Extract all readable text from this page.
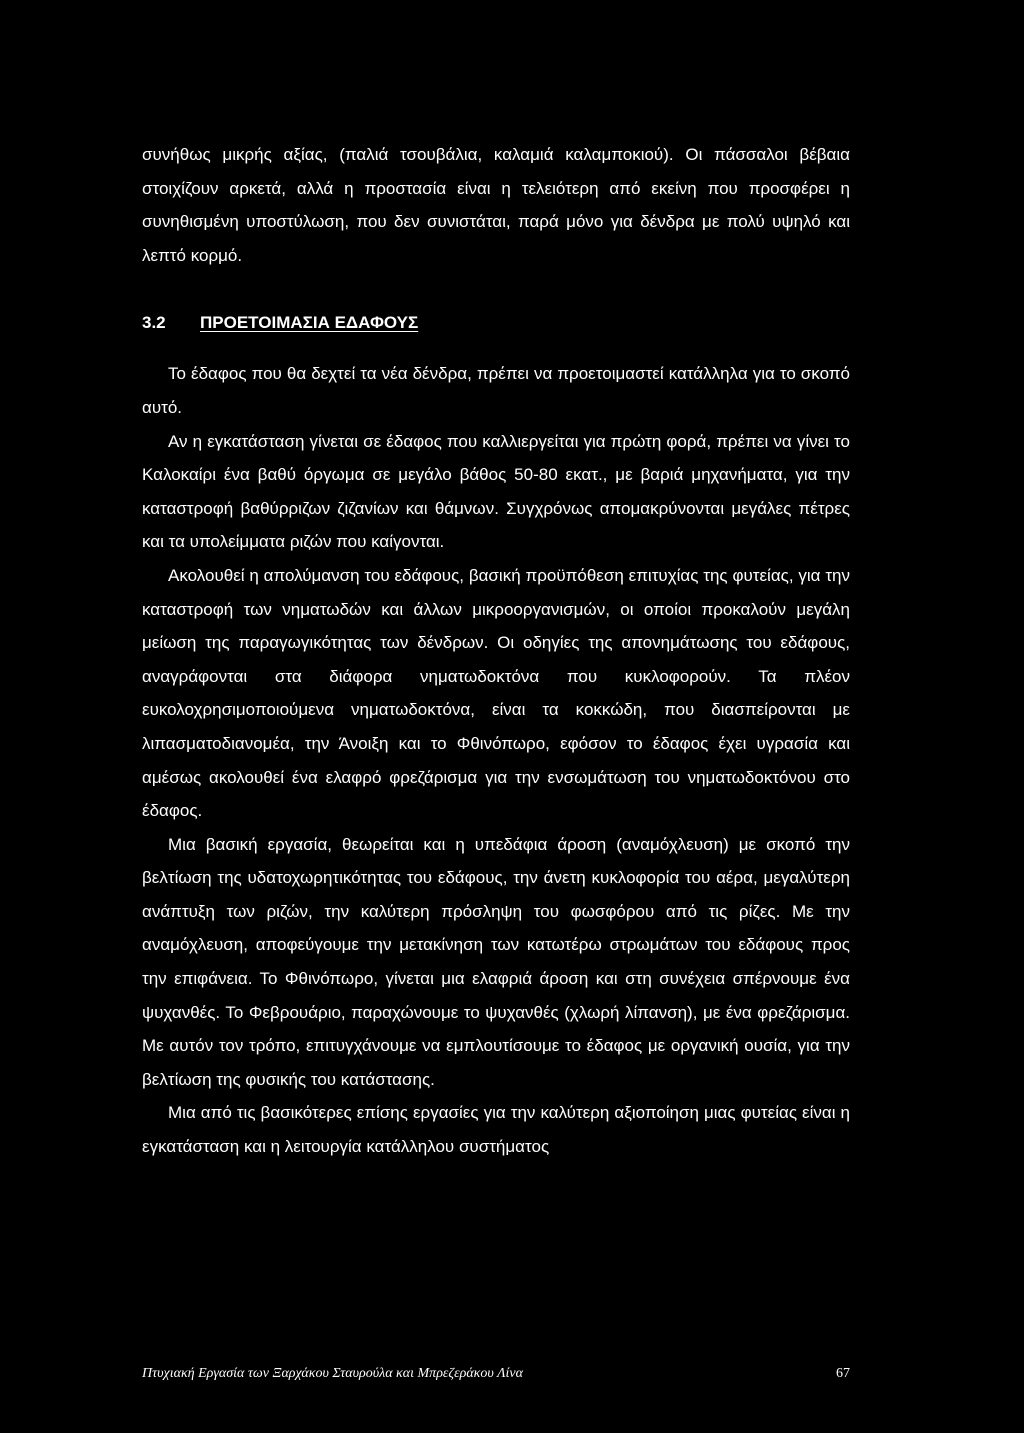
συνήθως μικρής αξίας, (παλιά τσουβάλια, καλαμιά καλαμποκιού). Οι πάσσαλοι βέβαια στοιχίζουν αρκετά, αλλά η προστασία είναι η τελειότερη από εκείνη που προσφέρει η συνηθισμένη υποστύλωση, που δεν συνιστάται, παρά μόνο για δένδρα με πολύ υψηλό και λεπτό κορμό.

3.2 ΠΡΟΕΤΟΙΜΑΣΙΑ ΕΔΑΦΟΥΣ

Το έδαφος που θα δεχτεί τα νέα δένδρα, πρέπει να προετοιμαστεί κατάλληλα για το σκοπό αυτό.

Αν η εγκατάσταση γίνεται σε έδαφος που καλλιεργείται για πρώτη φορά, πρέπει να γίνει το Καλοκαίρι ένα βαθύ όργωμα σε μεγάλο βάθος 50-80 εκατ., με βαριά μηχανήματα, για την καταστροφή βαθύρριζων ζιζανίων και θάμνων. Συγχρόνως απομακρύνονται μεγάλες πέτρες και τα υπολείμματα ριζών που καίγονται.

Ακολουθεί η απολύμανση του εδάφους, βασική προϋπόθεση επιτυχίας της φυτείας, για την καταστροφή των νηματωδών και άλλων μικροοργανισμών, οι οποίοι προκαλούν μεγάλη μείωση της παραγωγικότητας των δένδρων. Οι οδηγίες της απονημάτωσης του εδάφους, αναγράφονται στα διάφορα νηματωδοκτόνα που κυκλοφορούν. Τα πλέον ευκολοχρησιμοποιούμενα νηματωδοκτόνα, είναι τα κοκκώδη, που διασπείρονται με λιπασματοδιανομέα, την Άνοιξη και το Φθινόπωρο, εφόσον το έδαφος έχει υγρασία και αμέσως ακολουθεί ένα ελαφρό φρεζάρισμα για την ενσωμάτωση του νηματωδοκτόνου στο έδαφος.

Μια βασική εργασία, θεωρείται και η υπεδάφια άροση (αναμόχλευση) με σκοπό την βελτίωση της υδατοχωρητικότητας του εδάφους, την άνετη κυκλοφορία του αέρα, μεγαλύτερη ανάπτυξη των ριζών, την καλύτερη πρόσληψη του φωσφόρου από τις ρίζες. Με την αναμόχλευση, αποφεύγουμε την μετακίνηση των κατωτέρω στρωμάτων του εδάφους προς την επιφάνεια. Το Φθινόπωρο, γίνεται μια ελαφριά άροση και στη συνέχεια σπέρνουμε ένα ψυχανθές. Το Φεβρουάριο, παραχώνουμε το ψυχανθές (χλωρή λίπανση), με ένα φρεζάρισμα. Με αυτόν τον τρόπο, επιτυγχάνουμε να εμπλουτίσουμε το έδαφος με οργανική ουσία, για την βελτίωση της φυσικής του κατάστασης.

Μια από τις βασικότερες επίσης εργασίες για την καλύτερη αξιοποίηση μιας φυτείας είναι η εγκατάσταση και η λειτουργία κατάλληλου συστήματος

Πτυχιακή Εργασία των Ξαρχάκου Σταυρούλα και Μπρεζεράκου Λίνα	67
